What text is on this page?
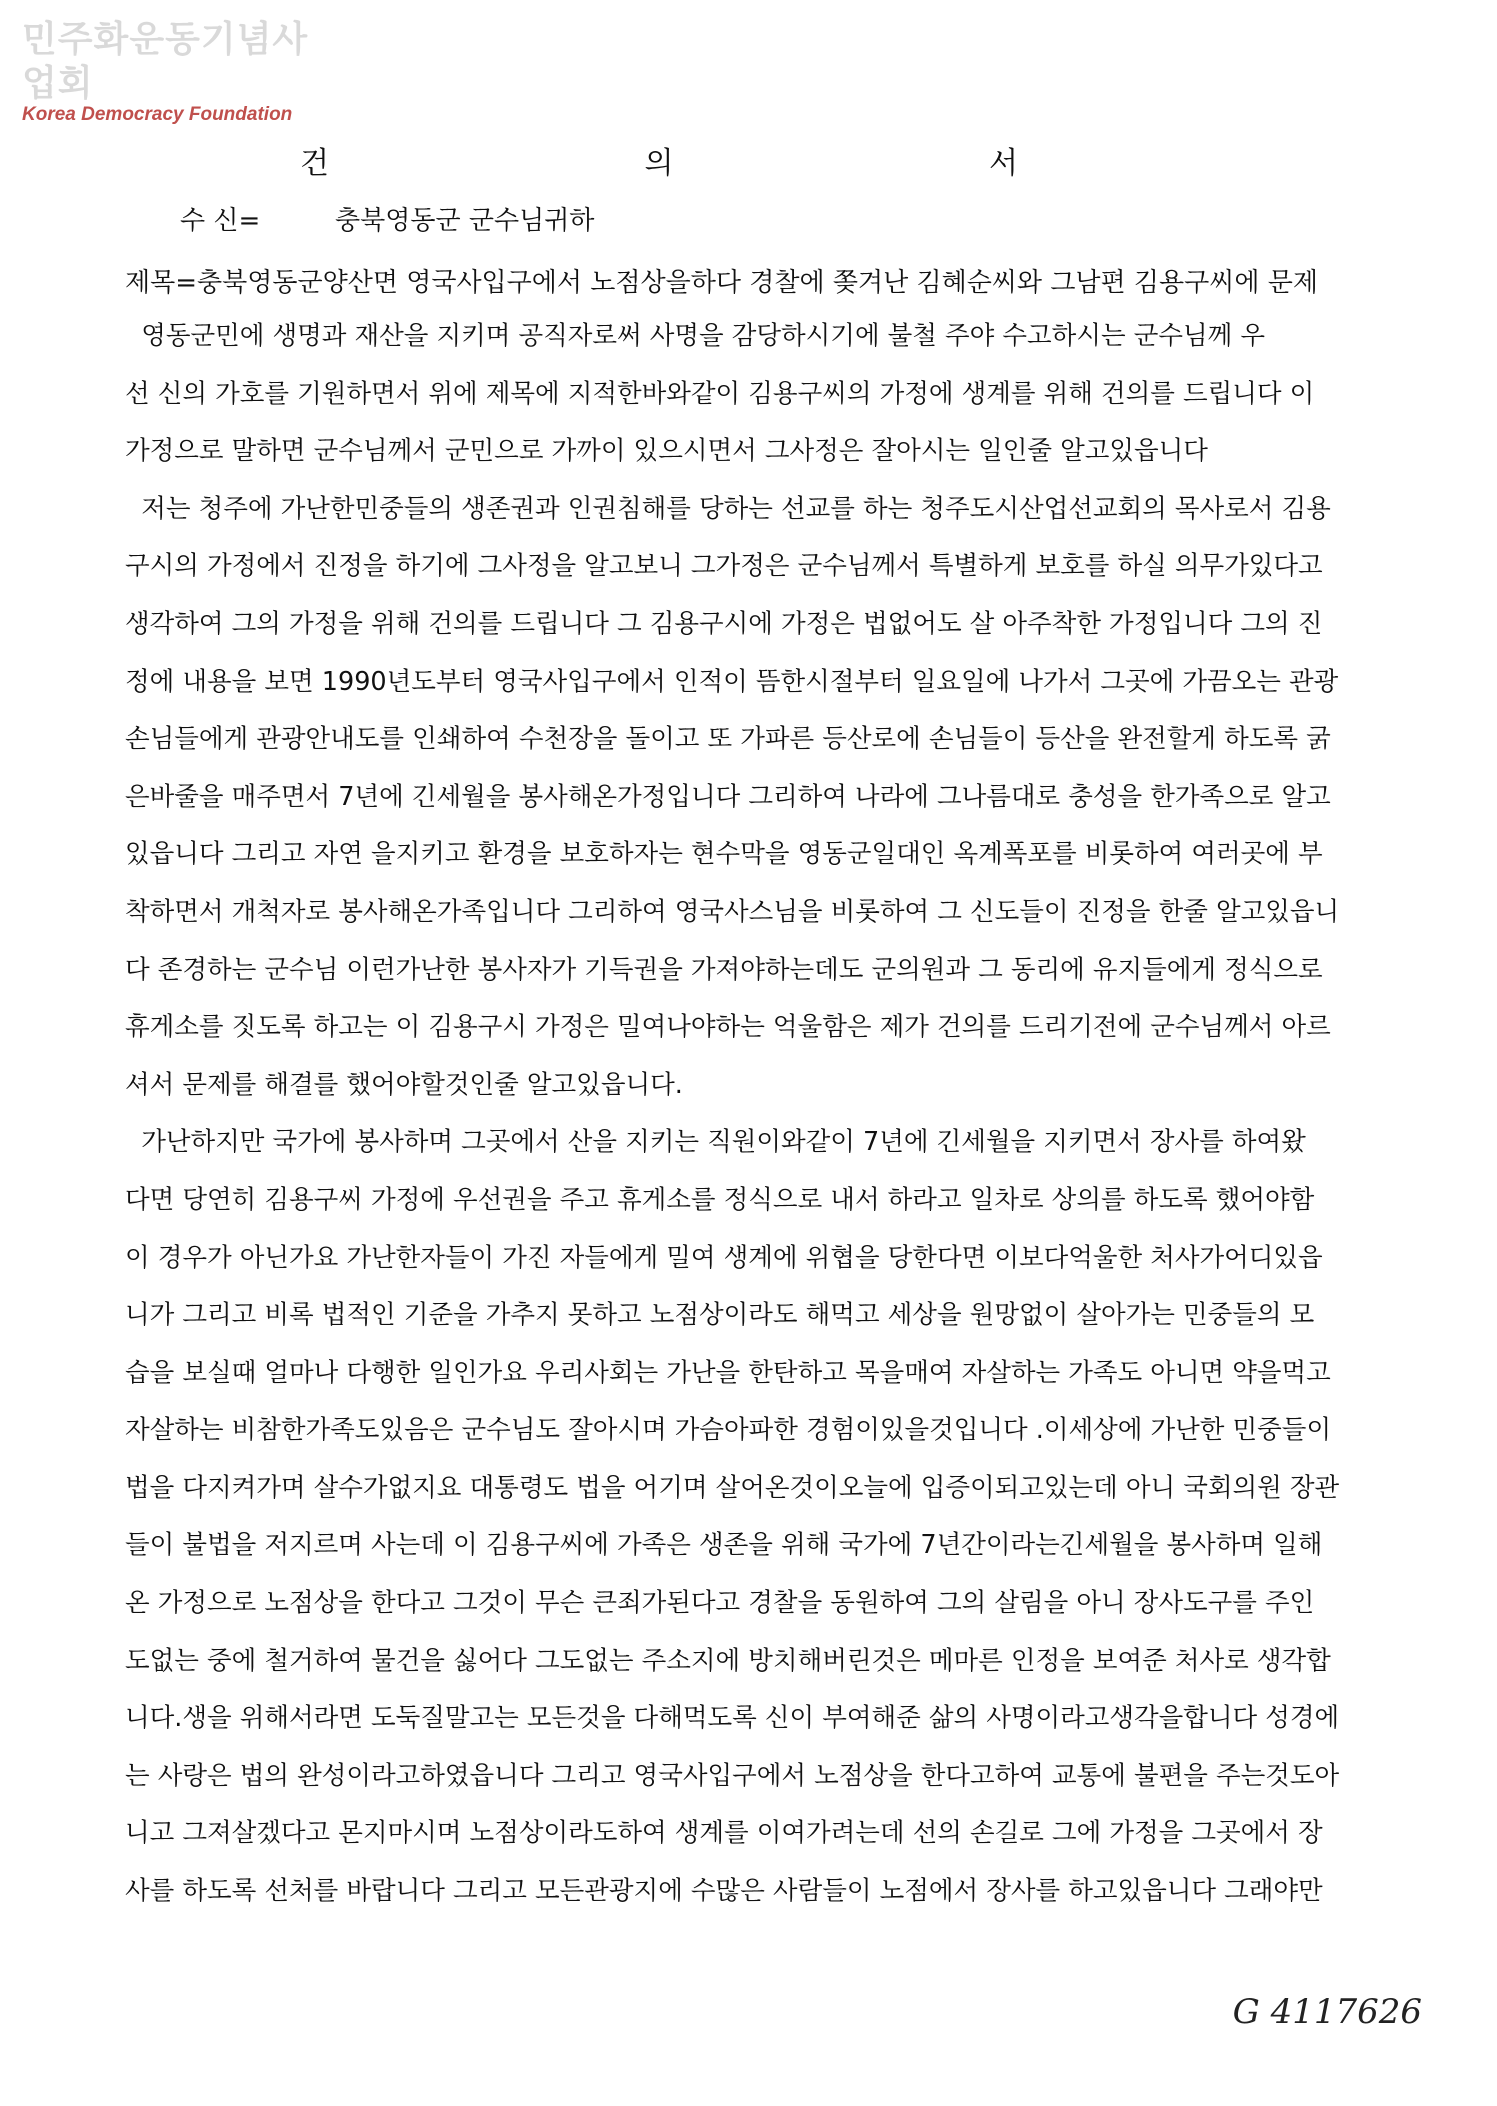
민주화운동기념사업회
Korea Democracy Foundation
건	의	서
수 신=	충북영동군 군수님귀하
제목=충북영동군양산면 영국사입구에서 노점상을하다 경찰에 쫒겨난 김혜순씨와 그남편 김용구씨에 문제
영동군민에 생명과 재산을 지키며 공직자로써 사명을 감당하시기에 불철 주야 수고하시는 군수님께 우
선 신의 가호를 기원하면서 위에 제목에 지적한바와같이 김용구씨의 가정에 생계를 위해 건의를 드립니다 이
가정으로 말하면 군수님께서 군민으로 가까이 있으시면서 그사정은 잘아시는 일인줄 알고있읍니다
저는 청주에 가난한민중들의 생존권과 인권침해를 당하는 선교를 하는 청주도시산업선교회의 목사로서 김용
구시의 가정에서 진정을 하기에 그사정을 알고보니 그가정은 군수님께서 특별하게 보호를 하실 의무가있다고
생각하여 그의 가정을 위해 건의를 드립니다 그 김용구시에 가정은 법없어도 살 아주착한 가정입니다 그의 진
정에 내용을 보면 1990년도부터 영국사입구에서 인적이 뜸한시절부터 일요일에 나가서 그곳에 가끔오는 관광
손님들에게 관광안내도를 인쇄하여 수천장을 돌이고 또 가파른 등산로에 손님들이 등산을 완전할게 하도록 굵
은바줄을 매주면서 7년에 긴세월을 봉사해온가정입니다 그리하여 나라에 그나름대로 충성을 한가족으로 알고
있읍니다 그리고 자연 을지키고 환경을 보호하자는 현수막을 영동군일대인 옥계폭포를 비롯하여 여러곳에 부
착하면서 개척자로 봉사해온가족입니다 그리하여 영국사스님을 비롯하여 그 신도들이 진정을 한줄 알고있읍니
다 존경하는 군수님 이런가난한 봉사자가 기득권을 가져야하는데도 군의원과 그 동리에 유지들에게 정식으로
휴게소를 짓도록 하고는 이 김용구시 가정은 밀여나야하는 억울함은 제가 건의를 드리기전에 군수님께서 아르
셔서 문제를 해결를 했어야할것인줄 알고있읍니다.
가난하지만 국가에 봉사하며 그곳에서 산을 지키는 직원이와같이 7년에 긴세월을 지키면서 장사를 하여왔
다면 당연히 김용구씨 가정에 우선권을 주고 휴게소를 정식으로 내서 하라고 일차로 상의를 하도록 했어야함
이 경우가 아닌가요 가난한자들이 가진 자들에게 밀여 생계에 위협을 당한다면 이보다억울한 처사가어디있읍
니가 그리고 비록 법적인 기준을 가추지 못하고 노점상이라도 해먹고 세상을 원망없이 살아가는 민중들의 모
습을 보실때 얼마나 다행한 일인가요 우리사회는 가난을 한탄하고 목을매여 자살하는 가족도 아니면 약을먹고
자살하는 비참한가족도있음은 군수님도 잘아시며 가슴아파한 경험이있을것입니다 .이세상에 가난한 민중들이
법을 다지켜가며 살수가없지요 대통령도 법을 어기며 살어온것이오늘에 입증이되고있는데 아니 국회의원 장관
들이 불법을 저지르며 사는데 이 김용구씨에 가족은 생존을 위해 국가에 7년간이라는긴세월을 봉사하며 일해
온 가정으로 노점상을 한다고 그것이 무슨 큰죄가된다고 경찰을 동원하여 그의 살림을 아니 장사도구를 주인
도없는 중에 철거하여 물건을 싫어다 그도없는 주소지에 방치해버린것은 메마른 인정을 보여준 처사로 생각합
니다.생을 위해서라면 도둑질말고는 모든것을 다해먹도록 신이 부여해준 삶의 사명이라고생각을합니다 성경에
는 사랑은 법의 완성이라고하였읍니다 그리고 영국사입구에서 노점상을 한다고하여 교통에 불편을 주는것도아
니고 그져살겠다고 몬지마시며 노점상이라도하여 생계를 이여가려는데 선의 손길로 그에 가정을 그곳에서 장
사를 하도록 선처를 바랍니다 그리고 모든관광지에 수많은 사람들이 노점에서 장사를 하고있읍니다 그래야만
G 4117626
